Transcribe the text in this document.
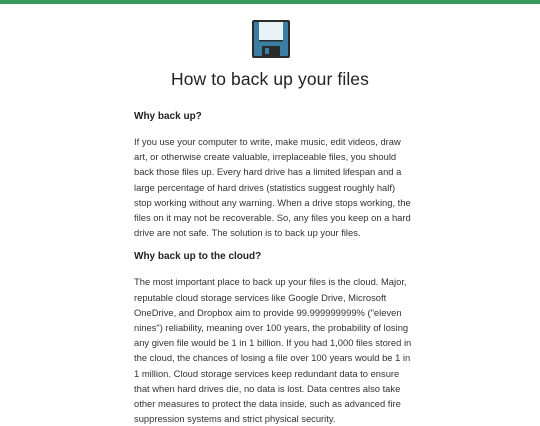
How to back up your files
Why back up?

If you use your computer to write, make music, edit videos, draw art, or otherwise create valuable, irreplaceable files, you should back those files up. Every hard drive has a limited lifespan and a large percentage of hard drives (statistics suggest roughly half) stop working without any warning. When a drive stops working, the files on it may not be recoverable. So, any files you keep on a hard drive are not safe. The solution is to back up your files.

Why back up to the cloud?

The most important place to back up your files is the cloud. Major, reputable cloud storage services like Google Drive, Microsoft OneDrive, and Dropbox aim to provide 99.999999999% ("eleven nines") reliability, meaning over 100 years, the probability of losing any given file would be 1 in 1 billion. If you had 1,000 files stored in the cloud, the chances of losing a file over 100 years would be 1 in 1 million. Cloud storage services keep redundant data to ensure that when hard drives die, no data is lost. Data centres also take other measures to protect the data inside, such as advanced fire suppression systems and strict physical security.
